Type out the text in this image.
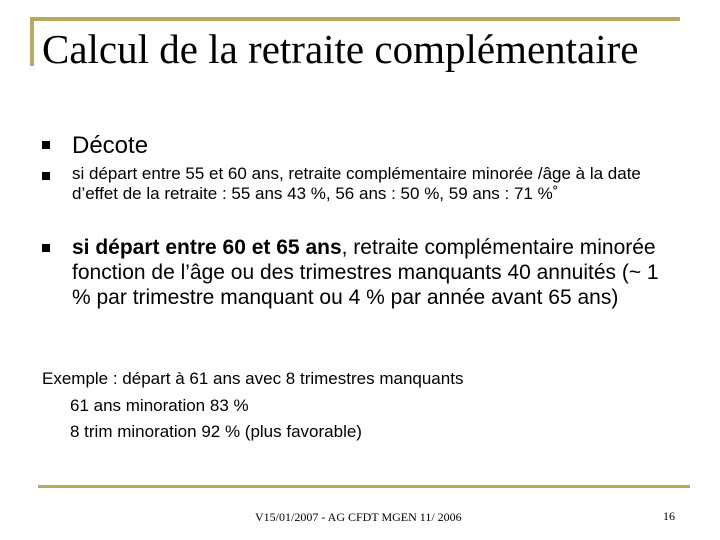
Calcul de la retraite complémentaire

Décote

si départ entre 55 et 60 ans, retraite complémentaire minorée /âge à la date d’effet de la retraite : 55 ans 43 %, 56 ans : 50 %, 59 ans : 71 %˚

si départ entre 60 et 65 ans, retraite complémentaire minorée fonction de l’âge ou des trimestres manquants 40 annuités (~ 1 % par trimestre manquant ou 4 % par année avant 65 ans)

Exemple : départ à 61 ans avec 8 trimestres manquants
61 ans minoration 83 %
8 trim minoration 92 % (plus favorable)

V15/01/2007 - AG CFDT MGEN 11/ 2006	16
